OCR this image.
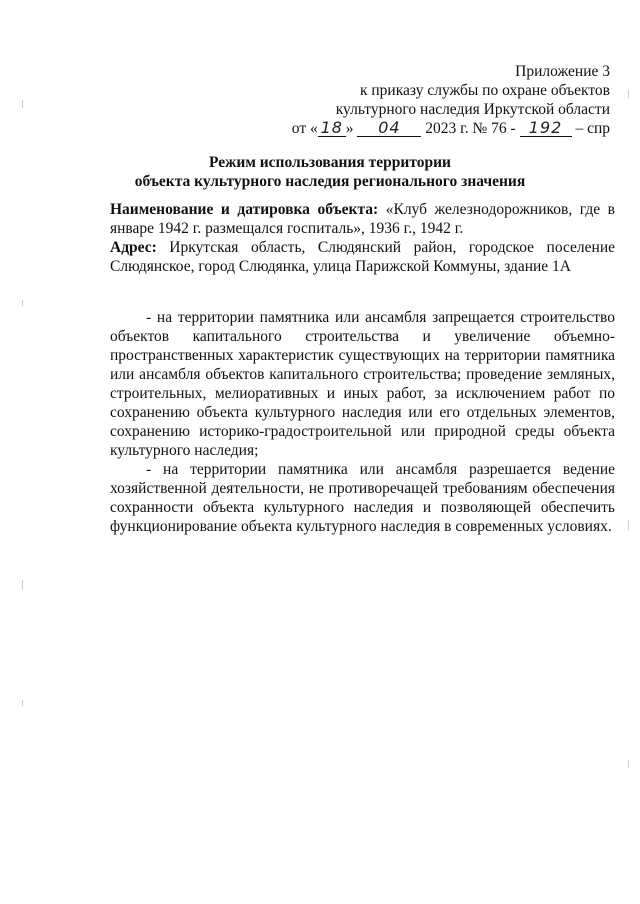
Приложение 3
к приказу службы по охране объектов
культурного наследия Иркутской области
от « 18 » 04 2023 г. № 76 - 192 – спр
Режим использования территории
объекта культурного наследия регионального значения

Наименование и датировка объекта: «Клуб железнодорожников, где в январе 1942 г. размещался госпиталь», 1936 г., 1942 г.

Адрес: Иркутская область, Слюдянский район, городское поселение Слюдянское, город Слюдянка, улица Парижской Коммуны, здание 1А

- на территории памятника или ансамбля запрещается строительство объектов капитального строительства и увеличение объемно-пространственных характеристик существующих на территории памятника или ансамбля объектов капитального строительства; проведение земляных, строительных, мелиоративных и иных работ, за исключением работ по сохранению объекта культурного наследия или его отдельных элементов, сохранению историко-градостроительной или природной среды объекта культурного наследия;

- на территории памятника или ансамбля разрешается ведение хозяйственной деятельности, не противоречащей требованиям обеспечения сохранности объекта культурного наследия и позволяющей обеспечить функционирование объекта культурного наследия в современных условиях.
